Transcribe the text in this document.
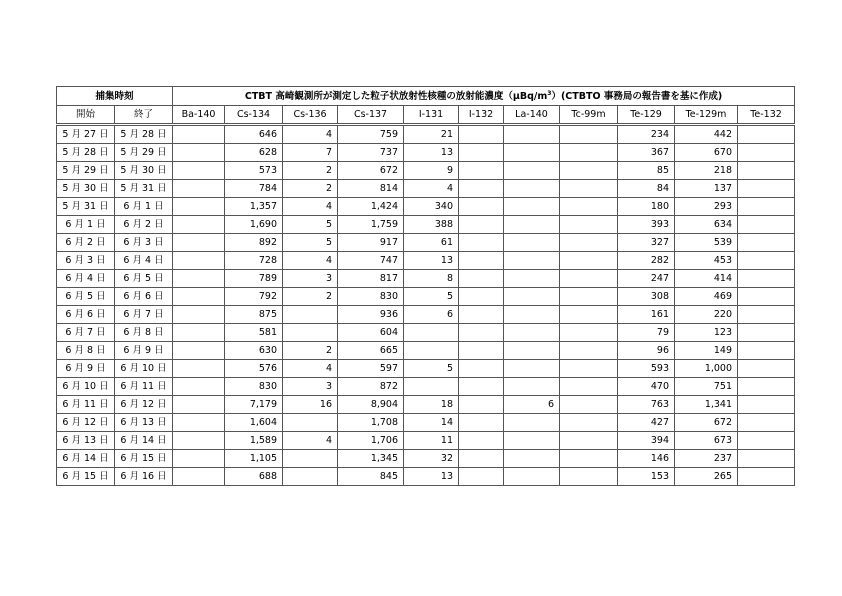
捕集時刻		CTBT 高崎観測所が測定した粒子状放射性核種の放射能濃度$(\mu Bq/m^3)(CTBTO$ 事務局の報告書を基に作成)										
開始	終了	Ba-140	Cs-134	Cs-136	Cs-137	I-131	I-132	La-140	Tc-99m	Te-129	Te-129m	Te-132
5 月 27 日	5 月 28 日		646	4	759	21				234	442	
5 月 28 日	5 月 29 日		628	7	737	13				367	670	
5 月 29 日	5 月 30 日		573	2	672	9				85	218	
5 月 30 日	5 月 31 日		784	2	814	4				84	137	
5 月 31 日	6 月 1 日		1,357	4	1,424	340				180	293	
6 月 1 日	6 月 2 日		1,690	5	1,759	388				393	634	
6 月 2 日	6 月 3 日		892	5	917	61				327	539	
6 月 3 日	6 月 4 日		728	4	747	13				282	453	
6 月 4 日	6 月 5 日		789	3	817	8				247	414	
6 月 5 日	6 月 6 日		792	2	830	5				308	469	
6 月 6 日	6 月 7 日		875		936	6				161	220	
6 月 7 日	6 月 8 日		581		604					79	123	
6 月 8 日	6 月 9 日		630	2	665					96	149	
6 月 9 日	6 月 10 日		576	4	597	5				593	1,000	
6 月 10 日	6 月 11 日		830	3	872					470	751	
6 月 11 日	6 月 12 日		7,179	16	8,904	18		6		763	1,341	
6 月 12 日	6 月 13 日		1,604		1,708	14				427	672	
6 月 13 日	6 月 14 日		1,589	4	1,706	11				394	673	
6 月 14 日	6 月 15 日		1,105		1,345	32				146	237	
6 月 15 日	6 月 16 日		688		845	13				153	265	
